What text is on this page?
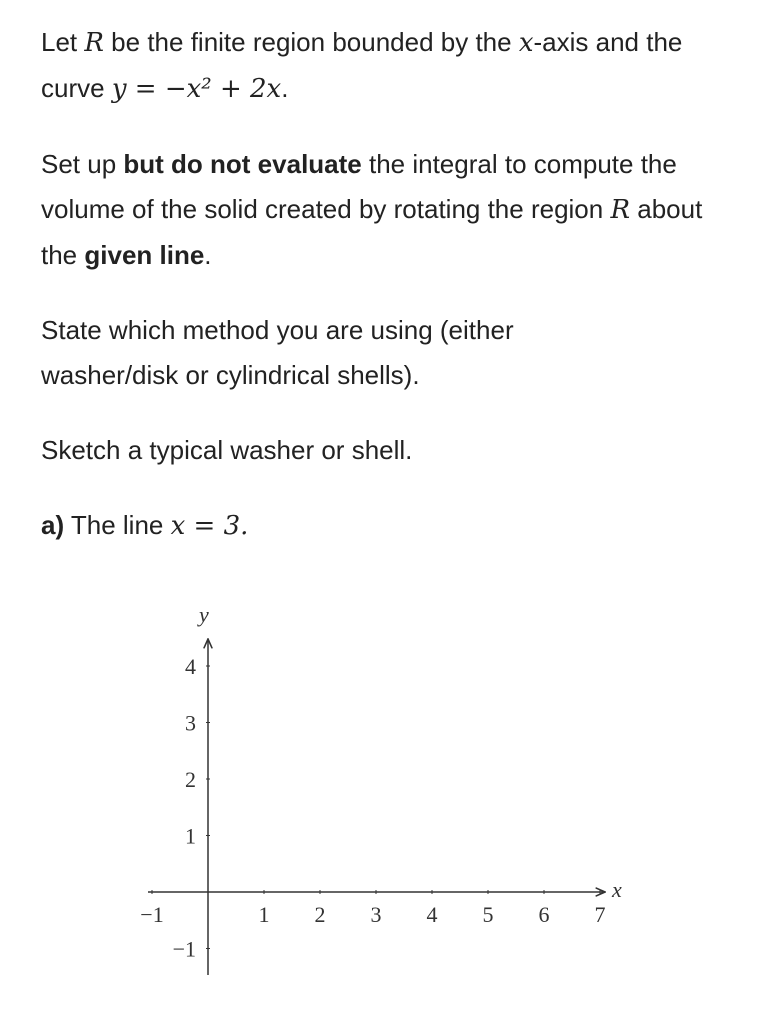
Let R be the finite region bounded by the x-axis and the curve y = −x² + 2x.

Set up but do not evaluate the integral to compute the volume of the solid created by rotating the region R about the given line.

State which method you are using (either washer/disk or cylindrical shells).

Sketch a typical washer or shell.

a) The line x = 3.

x
y
−1	1 2 3 4 5 6 7
4
3
2
1
−1
